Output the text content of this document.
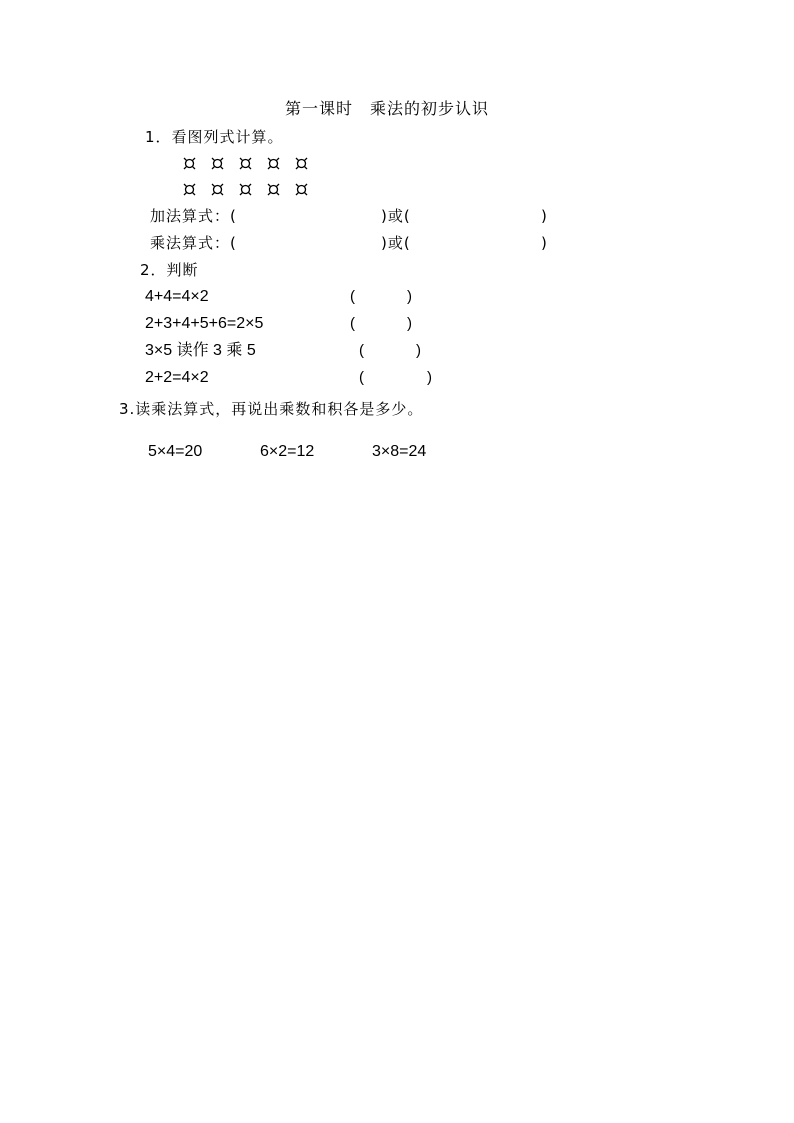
第一课时　乘法的初步认识
1．看图列式计算。
加法算式：(	)或(	)
乘法算式：(	)或(	)
2．判断
4+4=4×2	(	)
2+3+4+5+6=2×5	(	)
3×5 读作 3 乘 5	(	)
2+2=4×2	(	)
3.读乘法算式，再说出乘数和积各是多少。
5×4=20	6×2=12	3×8=24
